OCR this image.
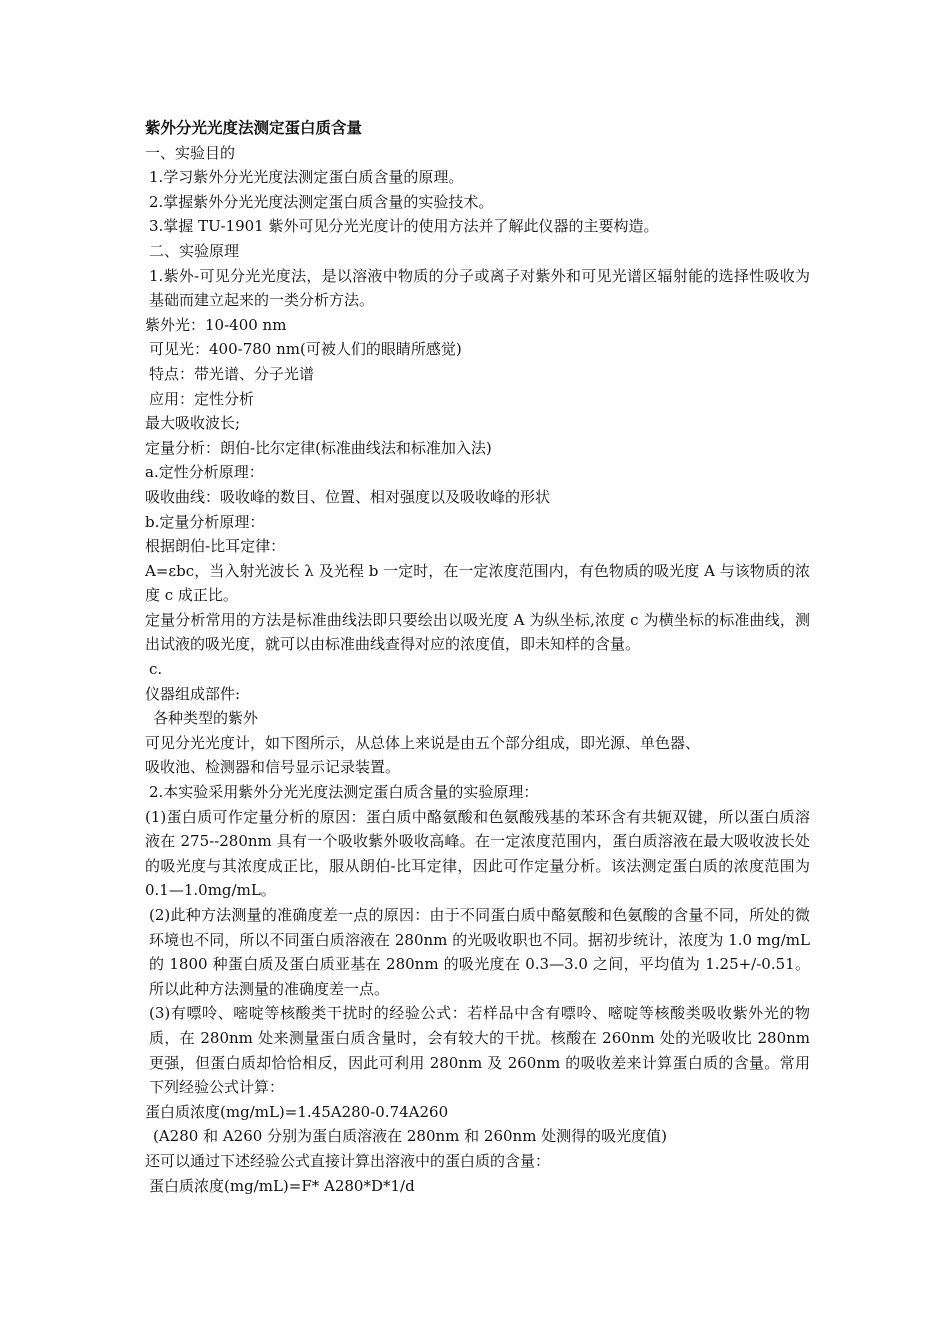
紫外分光光度法测定蛋白质含量
一、实验目的
1.学习紫外分光光度法测定蛋白质含量的原理。
2.掌握紫外分光光度法测定蛋白质含量的实验技术。
3.掌握 TU-1901 紫外可见分光光度计的使用方法并了解此仪器的主要构造。
二、实验原理
1.紫外-可见分光光度法，是以溶液中物质的分子或离子对紫外和可见光谱区辐射能的选择性吸收为基础而建立起来的一类分析方法。
紫外光：10-400 nm
可见光：400-780 nm(可被人们的眼睛所感觉)
特点：带光谱、分子光谱
应用：定性分析
最大吸收波长;
定量分析：朗伯-比尔定律(标准曲线法和标准加入法)
a.定性分析原理：
吸收曲线：吸收峰的数目、位置、相对强度以及吸收峰的形状
b.定量分析原理：
根据朗伯-比耳定律：
A=εbc，当入射光波长 λ 及光程 b 一定时，在一定浓度范围内，有色物质的吸光度 A 与该物质的浓度 c 成正比。
定量分析常用的方法是标准曲线法即只要绘出以吸光度 A 为纵坐标,浓度 c 为横坐标的标准曲线，测出试液的吸光度，就可以由标准曲线查得对应的浓度值，即未知样的含量。
c.
仪器组成部件:
各种类型的紫外
可见分光光度计，如下图所示，从总体上来说是由五个部分组成，即光源、单色器、
吸收池、检测器和信号显示记录装置。
2.本实验采用紫外分光光度法测定蛋白质含量的实验原理：
(1)蛋白质可作定量分析的原因：蛋白质中酪氨酸和色氨酸残基的苯环含有共轭双键，所以蛋白质溶液在 275--280nm 具有一个吸收紫外吸收高峰。在一定浓度范围内，蛋白质溶液在最大吸收波长处的吸光度与其浓度成正比，服从朗伯-比耳定律，因此可作定量分析。该法测定蛋白质的浓度范围为 0.1—1.0mg/mL。
(2)此种方法测量的准确度差一点的原因：由于不同蛋白质中酪氨酸和色氨酸的含量不同，所处的微环境也不同，所以不同蛋白质溶液在 280nm 的光吸收职也不同。据初步统计，浓度为 1.0 mg/mL 的 1800 种蛋白质及蛋白质亚基在 280nm 的吸光度在 0.3—3.0 之间，平均值为 1.25+/-0.51。所以此种方法测量的准确度差一点。
(3)有嘌呤、嘧啶等核酸类干扰时的经验公式：若样品中含有嘌呤、嘧啶等核酸类吸收紫外光的物质，在 280nm 处来测量蛋白质含量时，会有较大的干扰。核酸在 260nm 处的光吸收比 280nm 更强，但蛋白质却恰恰相反，因此可利用 280nm 及 260nm 的吸收差来计算蛋白质的含量。常用下列经验公式计算：
蛋白质浓度(mg/mL)=1.45A280-0.74A260
(A280 和 A260 分别为蛋白质溶液在 280nm 和 260nm 处测得的吸光度值)
还可以通过下述经验公式直接计算出溶液中的蛋白质的含量：
蛋白质浓度(mg/mL)=F* A280*D*1/d
